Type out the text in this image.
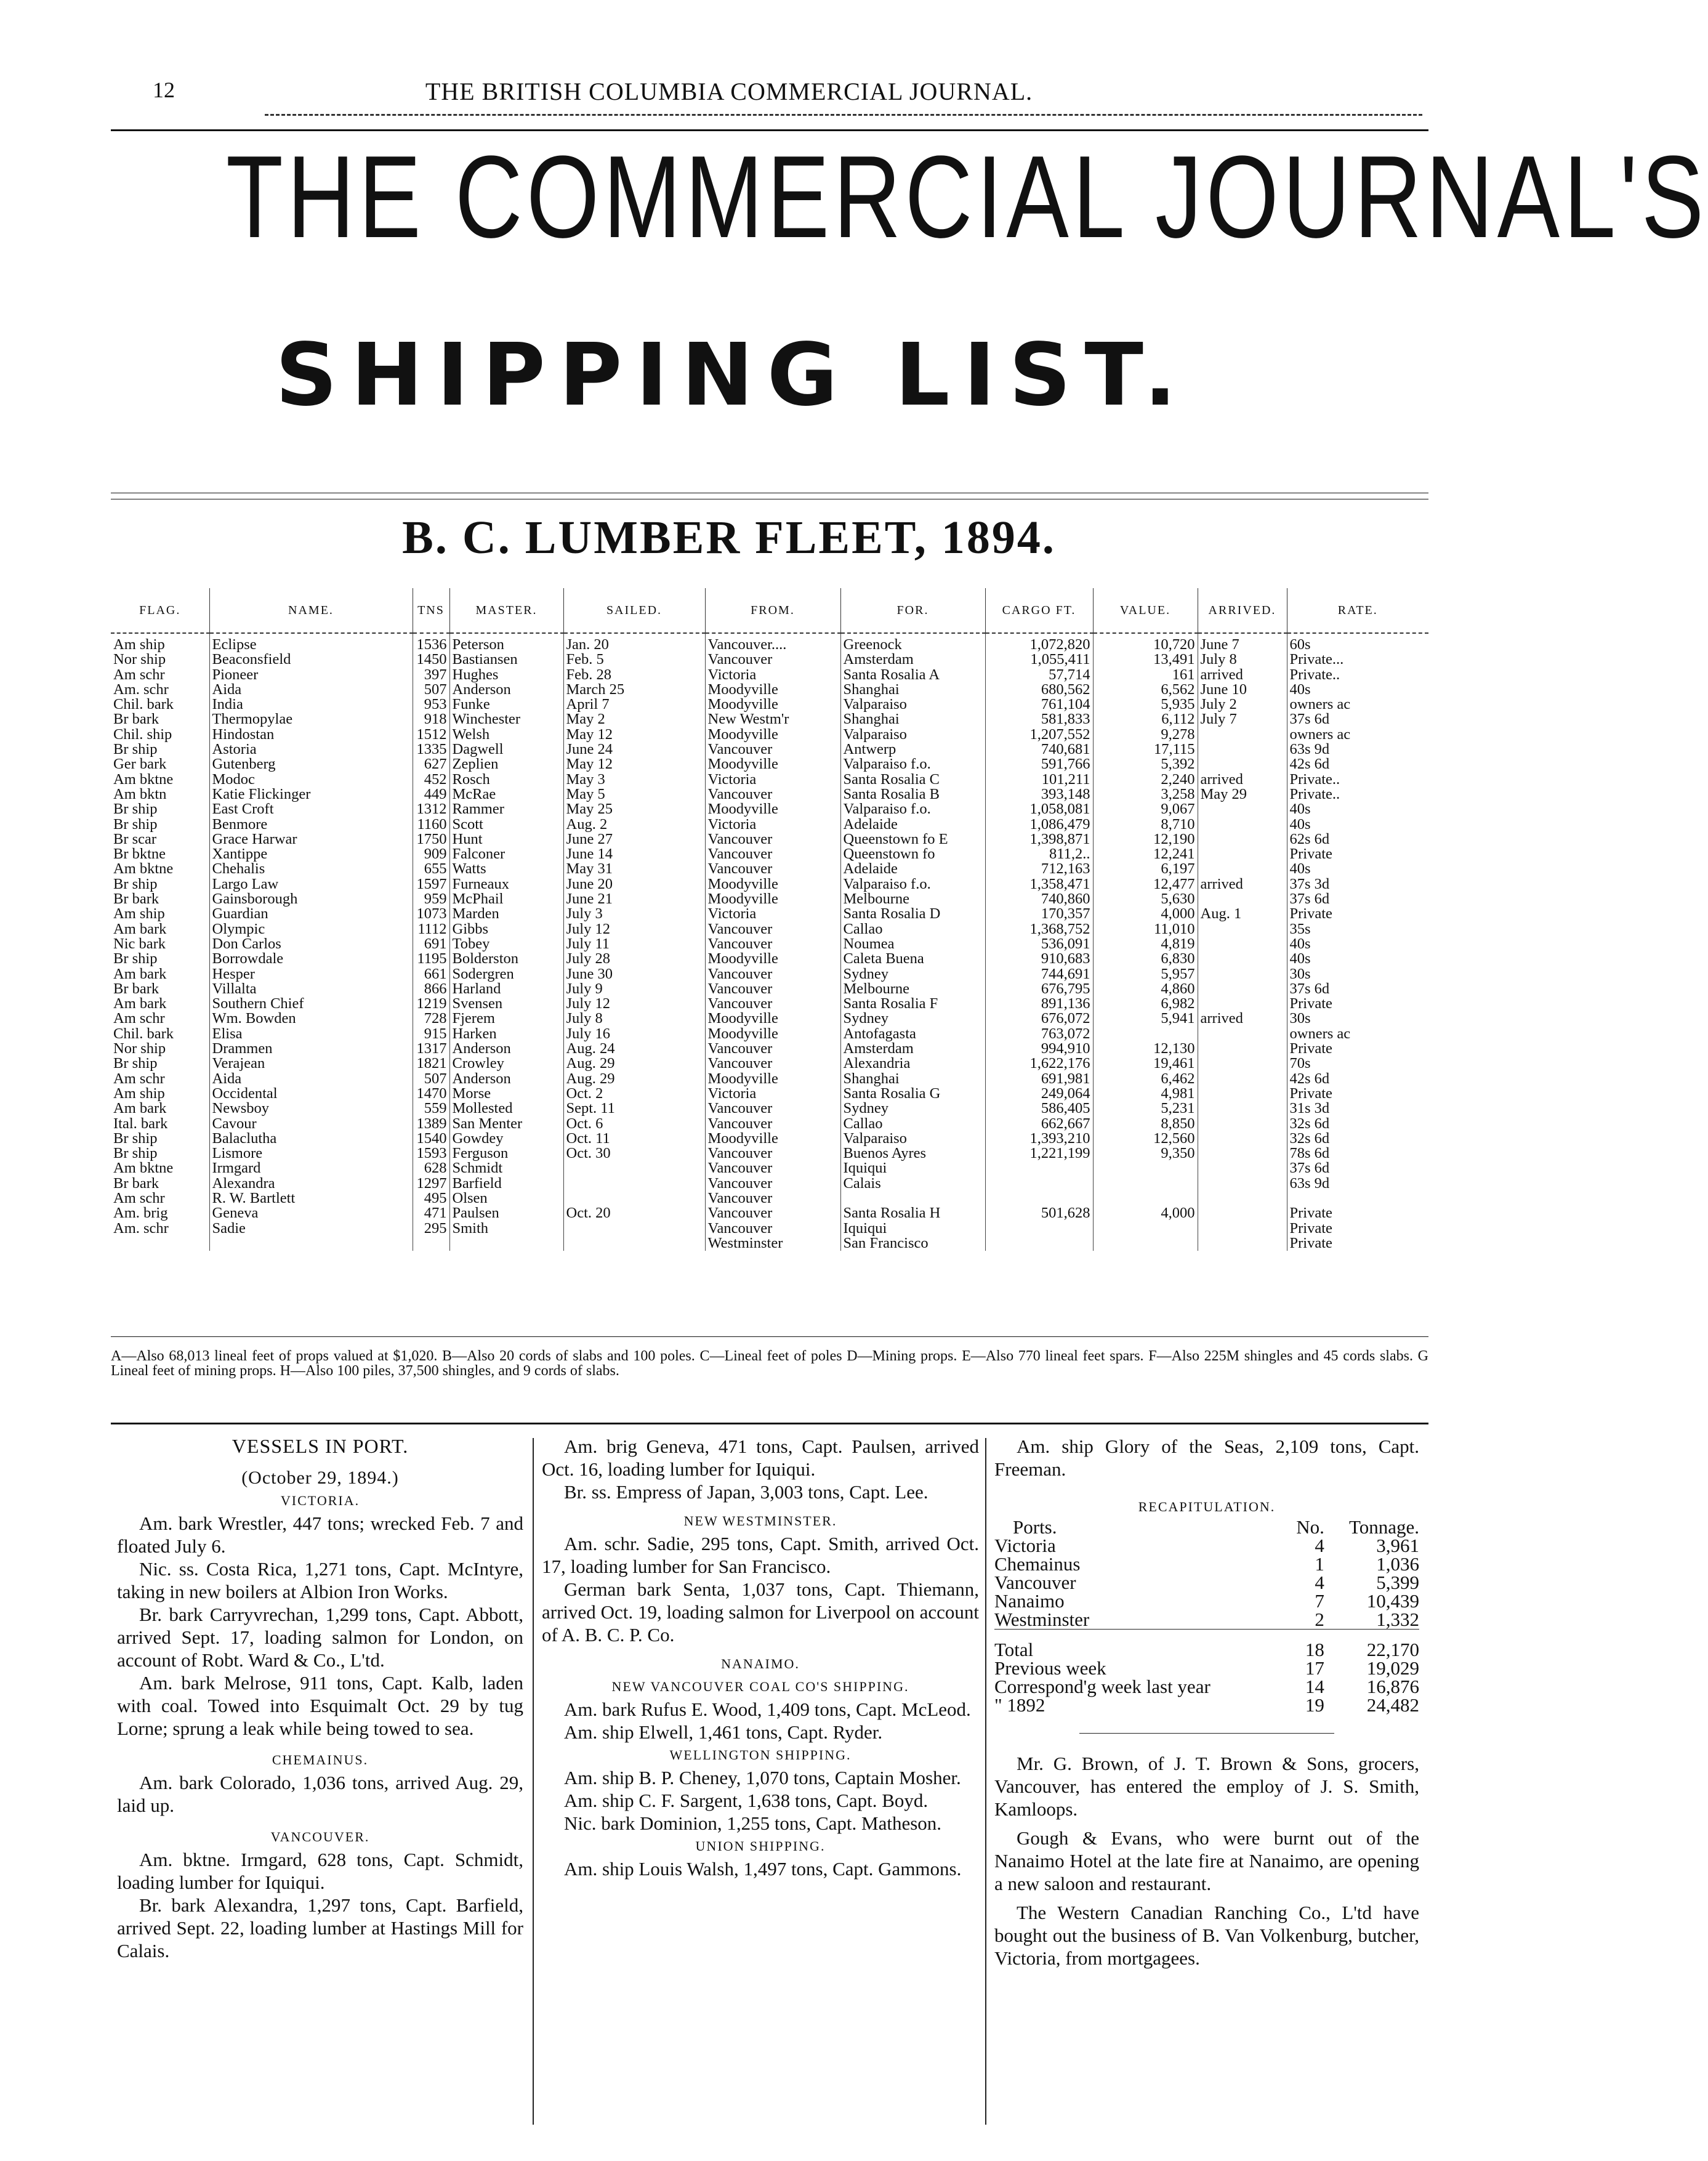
THE BRITISH COLUMBIA COMMERCIAL JOURNAL.
12
THE COMMERCIAL JOURNAL'S
SHIPPING LIST.
B. C. LUMBER FLEET, 1894.
FLAG.	NAME.	TNS	MASTER.	SAILED.	FROM.	FOR.	CARGO FT.	VALUE.	ARRIVED.	RATE.
Am ship	Eclipse	1536	Peterson	Jan. 20	Vancouver....	Greenock	1,072,820	10,720	June 7	60s
Nor ship	Beaconsfield	1450	Bastiansen	Feb. 5	Vancouver	Amsterdam	1,055,411	13,491	July 8	Private...
Am schr	Pioneer	397	Hughes	Feb. 28	Victoria	Santa Rosalia A	57,714	161	arrived	Private..
Am. schr	Aida	507	Anderson	March 25	Moodyville	Shanghai	680,562	6,562	June 10	40s
Chil. bark	India	953	Funke	April 7	Moodyville	Valparaiso	761,104	5,935	July 2	owners ac
Br bark	Thermopylae	918	Winchester	May 2	New Westm'r	Shanghai	581,833	6,112	July 7	37s 6d
Chil. ship	Hindostan	1512	Welsh	May 12	Moodyville	Valparaiso	1,207,552	9,278		owners ac
Br ship	Astoria	1335	Dagwell	June 24	Vancouver	Antwerp	740,681	17,115		63s 9d
Ger bark	Gutenberg	627	Zeplien	May 12	Moodyville	Valparaiso f.o.	591,766	5,392		42s 6d
Am bktne	Modoc	452	Rosch	May 3	Victoria	Santa Rosalia C	101,211	2,240	arrived	Private..
Am bktn	Katie Flickinger	449	McRae	May 5	Vancouver	Santa Rosalia B	393,148	3,258	May 29	Private..
Br ship	East Croft	1312	Rammer	May 25	Moodyville	Valparaiso f.o.	1,058,081	9,067		40s
Br ship	Benmore	1160	Scott	Aug. 2	Victoria	Adelaide	1,086,479	8,710		40s
Br scar	Grace Harwar	1750	Hunt	June 27	Vancouver	Queenstown fo E	1,398,871	12,190		62s 6d
Br bktne	Xantippe	909	Falconer	June 14	Vancouver	Queenstown fo	811,2..	12,241		Private
Am bktne	Chehalis	655	Watts	May 31	Vancouver	Adelaide	712,163	6,197		40s
Br ship	Largo Law	1597	Furneaux	June 20	Moodyville	Valparaiso f.o.	1,358,471	12,477	arrived	37s 3d
Br bark	Gainsborough	959	McPhail	June 21	Moodyville	Melbourne	740,860	5,630		37s 6d
Am ship	Guardian	1073	Marden	July 3	Victoria	Santa Rosalia D	170,357	4,000	Aug. 1	Private
Am bark	Olympic	1112	Gibbs	July 12	Vancouver	Callao	1,368,752	11,010		35s
Nic bark	Don Carlos	691	Tobey	July 11	Vancouver	Noumea	536,091	4,819		40s
Br ship	Borrowdale	1195	Bolderston	July 28	Moodyville	Caleta Buena	910,683	6,830		40s
Am bark	Hesper	661	Sodergren	June 30	Vancouver	Sydney	744,691	5,957		30s
Br bark	Villalta	866	Harland	July 9	Vancouver	Melbourne	676,795	4,860		37s 6d
Am bark	Southern Chief	1219	Svensen	July 12	Vancouver	Santa Rosalia F	891,136	6,982		Private
Am schr	Wm. Bowden	728	Fjerem	July 8	Moodyville	Sydney	676,072	5,941	arrived	30s
Chil. bark	Elisa	915	Harken	July 16	Moodyville	Antofagasta	763,072			owners ac
Nor ship	Drammen	1317	Anderson	Aug. 24	Vancouver	Amsterdam	994,910	12,130		Private
Br ship	Verajean	1821	Crowley	Aug. 29	Vancouver	Alexandria	1,622,176	19,461		70s
Am schr	Aida	507	Anderson	Aug. 29	Moodyville	Shanghai	691,981	6,462		42s 6d
Am ship	Occidental	1470	Morse	Oct. 2	Victoria	Santa Rosalia G	249,064	4,981		Private
Am bark	Newsboy	559	Mollested	Sept. 11	Vancouver	Sydney	586,405	5,231		31s 3d
Ital. bark	Cavour	1389	San Menter	Oct. 6	Vancouver	Callao	662,667	8,850		32s 6d
Br ship	Balaclutha	1540	Gowdey	Oct. 11	Moodyville	Valparaiso	1,393,210	12,560		32s 6d
Br ship	Lismore	1593	Ferguson	Oct. 30	Vancouver	Buenos Ayres	1,221,199	9,350		78s 6d
Am bktne	Irmgard	628	Schmidt		Vancouver	Iquiqui				37s 6d
Br bark	Alexandra	1297	Barfield		Vancouver	Calais				63s 9d
Am schr	R. W. Bartlett	495	Olsen		Vancouver					
Am. brig	Geneva	471	Paulsen	Oct. 20	Vancouver	Santa Rosalia H	501,628	4,000		Private
Am. schr	Sadie	295	Smith		Vancouver	Iquiqui				Private
					Westminster	San Francisco				Private
A—Also 68,013 lineal feet of props valued at $1,020. B—Also 20 cords of slabs and 100 poles. C—Lineal feet of poles D—Mining props. E—Also 770 lineal feet spars. F—Also 225M shingles and 45 cords slabs. G Lineal feet of mining props. H—Also 100 piles, 37,500 shingles, and 9 cords of slabs.

VESSELS IN PORT.

(October 29, 1894.)

VICTORIA.

Am. bark Wrestler, 447 tons; wrecked Feb. 7 and floated July 6.

Nic. ss. Costa Rica, 1,271 tons, Capt. McIntyre, taking in new boilers at Albion Iron Works.

Br. bark Carryvrechan, 1,299 tons, Capt. Abbott, arrived Sept. 17, loading salmon for London, on account of Robt. Ward & Co., L'td.

Am. bark Melrose, 911 tons, Capt. Kalb, laden with coal. Towed into Esquimalt Oct. 29 by tug Lorne; sprung a leak while being towed to sea.

CHEMAINUS.

Am. bark Colorado, 1,036 tons, arrived Aug. 29, laid up.

VANCOUVER.

Am. bktne. Irmgard, 628 tons, Capt. Schmidt, loading lumber for Iquiqui.

Br. bark Alexandra, 1,297 tons, Capt. Barfield, arrived Sept. 22, loading lumber at Hastings Mill for Calais.

Am. brig Geneva, 471 tons, Capt. Paulsen, arrived Oct. 16, loading lumber for Iquiqui.

Br. ss. Empress of Japan, 3,003 tons, Capt. Lee.

NEW WESTMINSTER.

Am. schr. Sadie, 295 tons, Capt. Smith, arrived Oct. 17, loading lumber for San Francisco.

German bark Senta, 1,037 tons, Capt. Thiemann, arrived Oct. 19, loading salmon for Liverpool on account of A. B. C. P. Co.

NANAIMO.

NEW VANCOUVER COAL CO'S SHIPPING.

Am. bark Rufus E. Wood, 1,409 tons, Capt. McLeod.

Am. ship Elwell, 1,461 tons, Capt. Ryder.

WELLINGTON SHIPPING.

Am. ship B. P. Cheney, 1,070 tons, Captain Mosher.

Am. ship C. F. Sargent, 1,638 tons, Capt. Boyd.

Nic. bark Dominion, 1,255 tons, Capt. Matheson.

UNION SHIPPING.

Am. ship Louis Walsh, 1,497 tons, Capt. Gammons.

Am. ship Glory of the Seas, 2,109 tons, Capt. Freeman.

RECAPITULATION.

Ports.	No.	Tonnage.
Victoria	4	3,961
Chemainus	1	1,036
Vancouver	4	5,399
Nanaimo	7	10,439
Westminster	2	1,332
Total	18	22,170
Previous week	17	19,029
Correspond'g week last year	14	16,876
" 1892	19	24,482

Mr. G. Brown, of J. T. Brown & Sons, grocers, Vancouver, has entered the employ of J. S. Smith, Kamloops.

Gough & Evans, who were burnt out of the Nanaimo Hotel at the late fire at Nanaimo, are opening a new saloon and restaurant.

The Western Canadian Ranching Co., L'td have bought out the business of B. Van Volkenburg, butcher, Victoria, from mortgagees.
